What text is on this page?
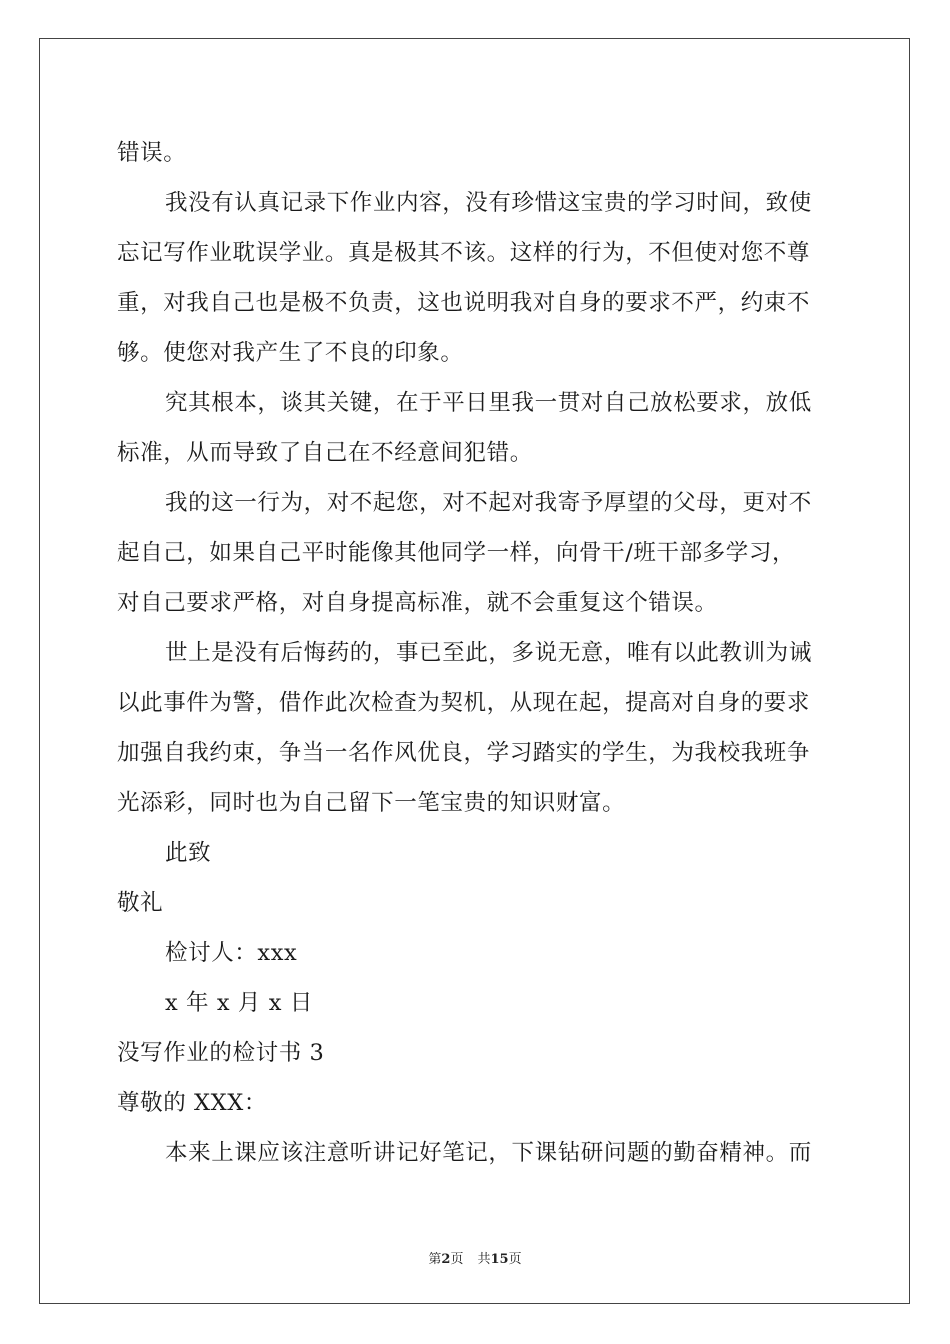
错误。
我没有认真记录下作业内容，没有珍惜这宝贵的学习时间，致使
忘记写作业耽误学业。真是极其不该。这样的行为，不但使对您不尊
重，对我自己也是极不负责，这也说明我对自身的要求不严，约束不
够。使您对我产生了不良的印象。
究其根本，谈其关键，在于平日里我一贯对自己放松要求，放低
标准，从而导致了自己在不经意间犯错。
我的这一行为，对不起您，对不起对我寄予厚望的父母，更对不
起自己，如果自己平时能像其他同学一样，向骨干/班干部多学习，
对自己要求严格，对自身提高标准，就不会重复这个错误。
世上是没有后悔药的，事已至此，多说无意，唯有以此教训为诫
以此事件为警，借作此次检查为契机，从现在起，提高对自身的要求
加强自我约束，争当一名作风优良，学习踏实的学生，为我校我班争
光添彩，同时也为自己留下一笔宝贵的知识财富。
此致
敬礼
检讨人：xxx
x 年 x 月 x 日
没写作业的检讨书 3
尊敬的 XXX：
本来上课应该注意听讲记好笔记，下课钻研问题的勤奋精神。而
第2页 共15页
